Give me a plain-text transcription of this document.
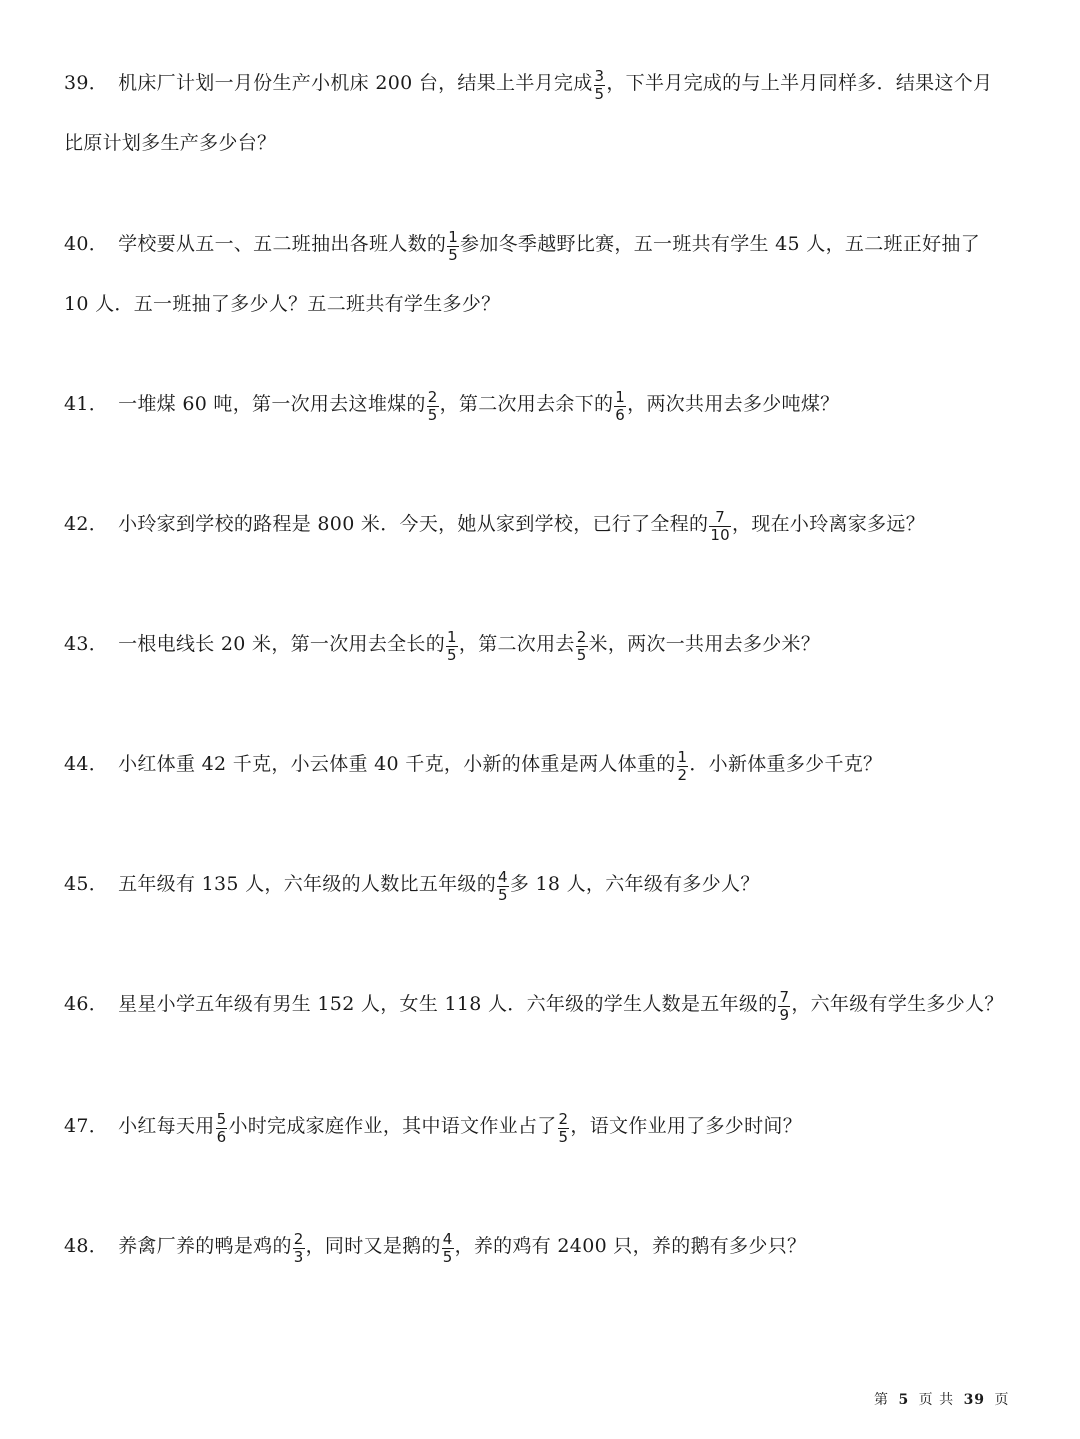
39． 机床厂计划一月份生产小机床 200 台，结果上半月完成 $\frac{3}{5}$ ，下半月完成的与上半月同样多．结果这个月
比原计划多生产多少台？
40． 学校要从五一、五二班抽出各班人数的 $\frac{1}{5}$ 参加冬季越野比赛，五一班共有学生 45 人，五二班正好抽了
10 人．五一班抽了多少人？五二班共有学生多少？
41． 一堆煤 60 吨，第一次用去这堆煤的 $\frac{2}{5}$ ，第二次用去余下的 $\frac{1}{6}$ ，两次共用去多少吨煤？
42． 小玲家到学校的路程是 800 米．今天，她从家到学校，已行了全程的 $\frac{7}{10}$ ，现在小玲离家多远？
43． 一根电线长 20 米，第一次用去全长的 $\frac{1}{5}$ ，第二次用去 $\frac{2}{5}$ 米，两次一共用去多少米？
44． 小红体重 42 千克，小云体重 40 千克，小新的体重是两人体重的 $\frac{1}{2}$ ．小新体重多少千克？
45． 五年级有 135 人，六年级的人数比五年级的 $\frac{4}{5}$ 多 18 人，六年级有多少人？
46． 星星小学五年级有男生 152 人，女生 118 人．六年级的学生人数是五年级的 $\frac{7}{9}$ ，六年级有学生多少人？
47． 小红每天用 $\frac{5}{6}$ 小时完成家庭作业，其中语文作业占了 $\frac{2}{5}$ ，语文作业用了多少时间？
48． 养禽厂养的鸭是鸡的 $\frac{2}{3}$ ，同时又是鹅的 $\frac{4}{5}$ ，养的鸡有 2400 只，养的鹅有多少只？
第 5 页 共 39 页
